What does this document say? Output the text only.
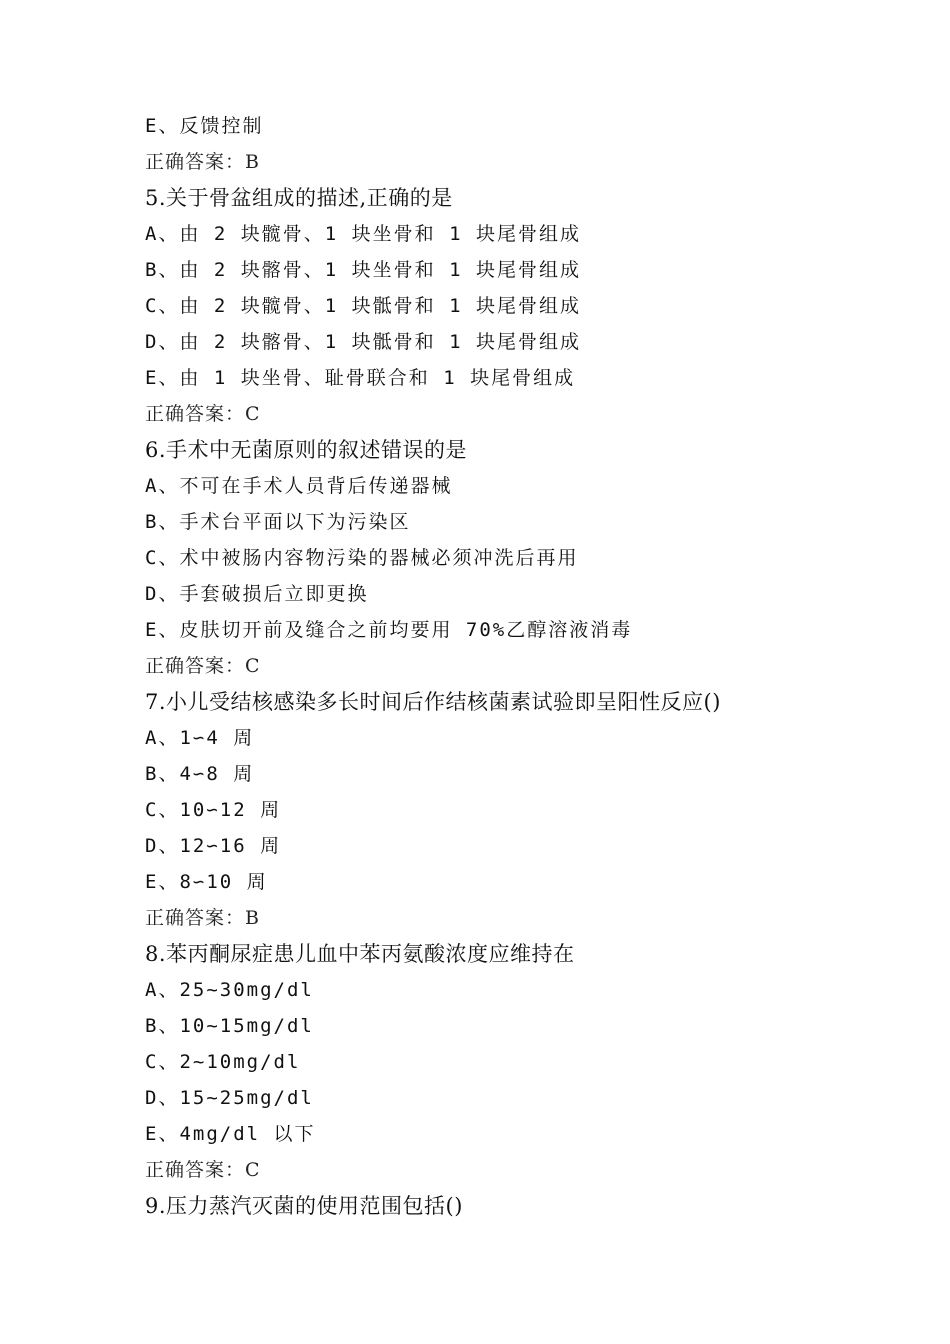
E、反馈控制
正确答案：B
5.关于骨盆组成的描述,正确的是
A、由 2 块髋骨、1 块坐骨和 1 块尾骨组成
B、由 2 块髂骨、1 块坐骨和 1 块尾骨组成
C、由 2 块髋骨、1 块骶骨和 1 块尾骨组成
D、由 2 块髂骨、1 块骶骨和 1 块尾骨组成
E、由 1 块坐骨、耻骨联合和 1 块尾骨组成
正确答案：C
6.手术中无菌原则的叙述错误的是
A、不可在手术人员背后传递器械
B、手术台平面以下为污染区
C、术中被肠内容物污染的器械必须冲洗后再用
D、手套破损后立即更换
E、皮肤切开前及缝合之前均要用 70%乙醇溶液消毒
正确答案：C
7.小儿受结核感染多长时间后作结核菌素试验即呈阳性反应()
A、1∽4 周
B、4∽8 周
C、10∽12 周
D、12∽16 周
E、8∽10 周
正确答案：B
8.苯丙酮尿症患儿血中苯丙氨酸浓度应维持在
A、25~30mg/dl
B、10~15mg/dl
C、2~10mg/dl
D、15~25mg/dl
E、4mg/dl 以下
正确答案：C
9.压力蒸汽灭菌的使用范围包括()
